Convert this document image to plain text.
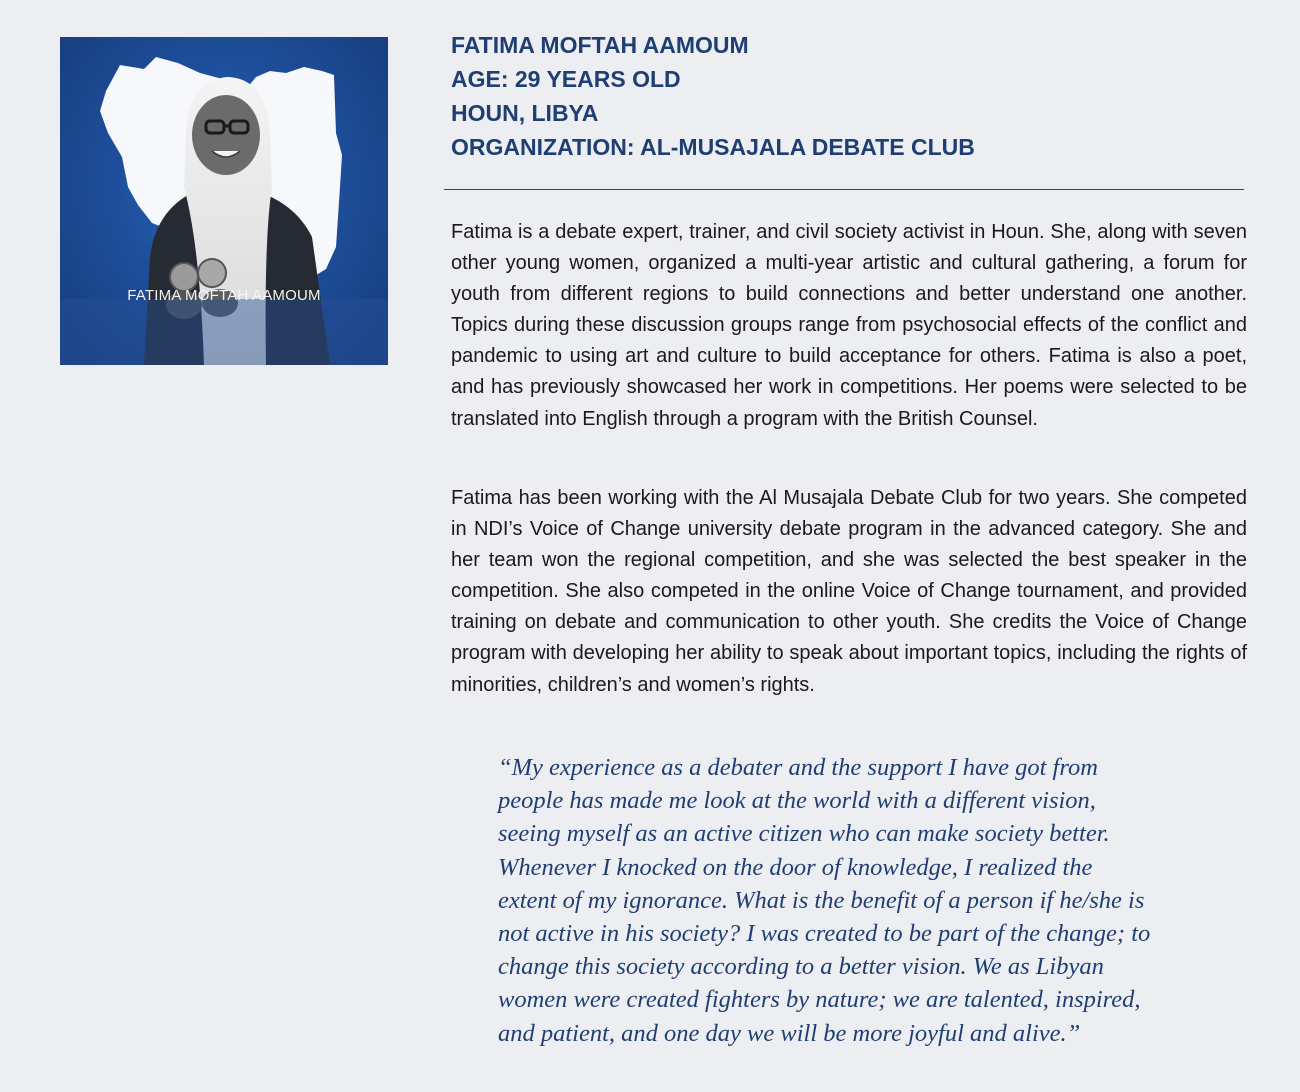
FATIMA MOFTAH AAMOUM
FATIMA MOFTAH AAMOUM
AGE: 29 YEARS OLD
HOUN, LIBYA
ORGANIZATION: AL-MUSAJALA DEBATE CLUB

Fatima is a debate expert, trainer, and civil society activist in Houn. She, along with seven other young women, organized a multi-year artistic and cultural gathering, a forum for youth from different regions to build connections and better understand one another. Topics during these discussion groups range from psychosocial effects of the conflict and pandemic to using art and culture to build acceptance for others. Fatima is also a poet, and has previously showcased her work in competitions. Her poems were selected to be translated into English through a program with the British Counsel.

Fatima has been working with the Al Musajala Debate Club for two years. She competed in NDI’s Voice of Change university debate program in the advanced category. She and her team won the regional competition, and she was selected the best speaker in the competition. She also competed in the online Voice of Change tournament, and provided training on debate and communication to other youth. She credits the Voice of Change program with developing her ability to speak about important topics, including the rights of minorities, children’s and women’s rights.

“My experience as a debater and the support I have got from
people has made me look at the world with a different vision,
seeing myself as an active citizen who can make society better.
Whenever I knocked on the door of knowledge, I realized the
extent of my ignorance. What is the benefit of a person if he/she is
not active in his society? I was created to be part of the change; to
change this society according to a better vision. We as Libyan
women were created fighters by nature; we are talented, inspired,
and patient, and one day we will be more joyful and alive.”
